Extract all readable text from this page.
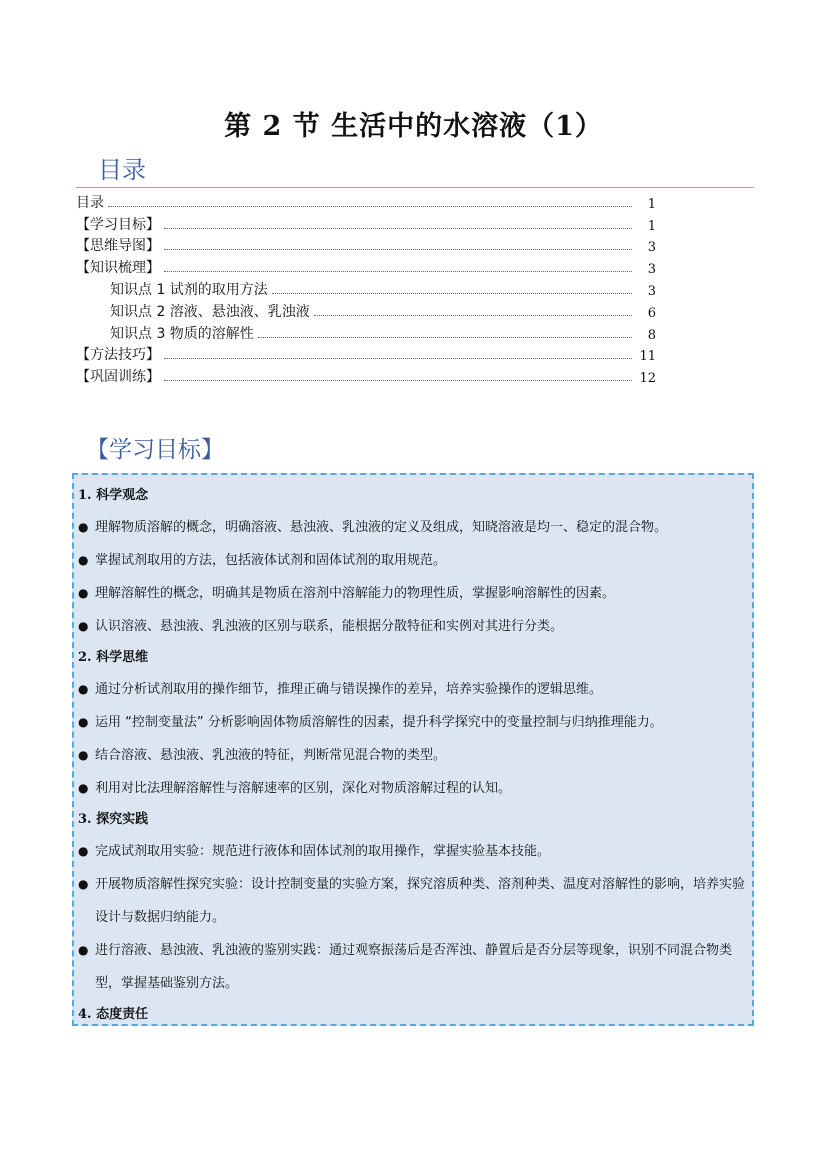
第 2 节 生活中的水溶液（1）
目录
目录	1
【学习目标】	1
【思维导图】	3
【知识梳理】	3
知识点 1 试剂的取用方法	3
知识点 2 溶液、悬浊液、乳浊液	6
知识点 3 物质的溶解性	8
【方法技巧】	11
【巩固训练】	12
【学习目标】
1. 科学观念
● 理解物质溶解的概念，明确溶液、悬浊液、乳浊液的定义及组成，知晓溶液是均一、稳定的混合物。
● 掌握试剂取用的方法，包括液体试剂和固体试剂的取用规范。
● 理解溶解性的概念，明确其是物质在溶剂中溶解能力的物理性质，掌握影响溶解性的因素。
● 认识溶液、悬浊液、乳浊液的区别与联系，能根据分散特征和实例对其进行分类。
2. 科学思维
● 通过分析试剂取用的操作细节，推理正确与错误操作的差异，培养实验操作的逻辑思维。
● 运用 “控制变量法” 分析影响固体物质溶解性的因素，提升科学探究中的变量控制与归纳推理能力。
● 结合溶液、悬浊液、乳浊液的特征，判断常见混合物的类型。
● 利用对比法理解溶解性与溶解速率的区别，深化对物质溶解过程的认知。
3. 探究实践
● 完成试剂取用实验：规范进行液体和固体试剂的取用操作，掌握实验基本技能。
● 开展物质溶解性探究实验：设计控制变量的实验方案，探究溶质种类、溶剂种类、温度对溶解性的影响，培养实验设计与数据归纳能力。
● 进行溶液、悬浊液、乳浊液的鉴别实践：通过观察振荡后是否浑浊、静置后是否分层等现象，识别不同混合物类型，掌握基础鉴别方法。
4. 态度责任
